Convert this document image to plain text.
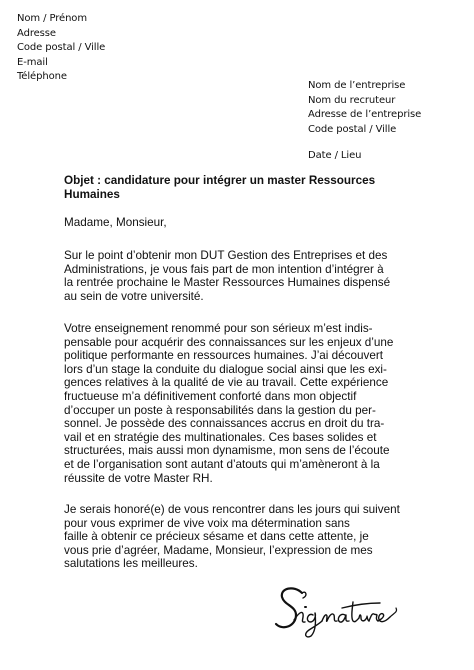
Nom / Prénom
Adresse
Code postal / Ville
E-mail
Téléphone
Nom de l’entreprise
Nom du recruteur
Adresse de l’entreprise
Code postal / Ville
Date / Lieu
Objet : candidature pour intégrer un master Ressources
Humaines
Madame, Monsieur,
Sur le point d’obtenir mon DUT Gestion des Entreprises et des
Administrations, je vous fais part de mon intention d’intégrer à
la rentrée prochaine le Master Ressources Humaines dispensé
au sein de votre université.
Votre enseignement renommé pour son sérieux m’est indis-
pensable pour acquérir des connaissances sur les enjeux d’une
politique performante en ressources humaines. J’ai découvert
lors d’un stage la conduite du dialogue social ainsi que les exi-
gences relatives à la qualité de vie au travail. Cette expérience
fructueuse m’a définitivement conforté dans mon objectif
d’occuper un poste à responsabilités dans la gestion du per-
sonnel. Je possède des connaissances accrus en droit du tra-
vail et en stratégie des multinationales. Ces bases solides et
structurées, mais aussi mon dynamisme, mon sens de l’écoute
et de l’organisation sont autant d’atouts qui m’amèneront à la
réussite de votre Master RH.
Je serais honoré(e) de vous rencontrer dans les jours qui suivent
pour vous exprimer de vive voix ma détermination sans
faille à obtenir ce précieux sésame et dans cette attente, je
vous prie d’agréer, Madame, Monsieur, l’expression de mes
salutations les meilleures.
